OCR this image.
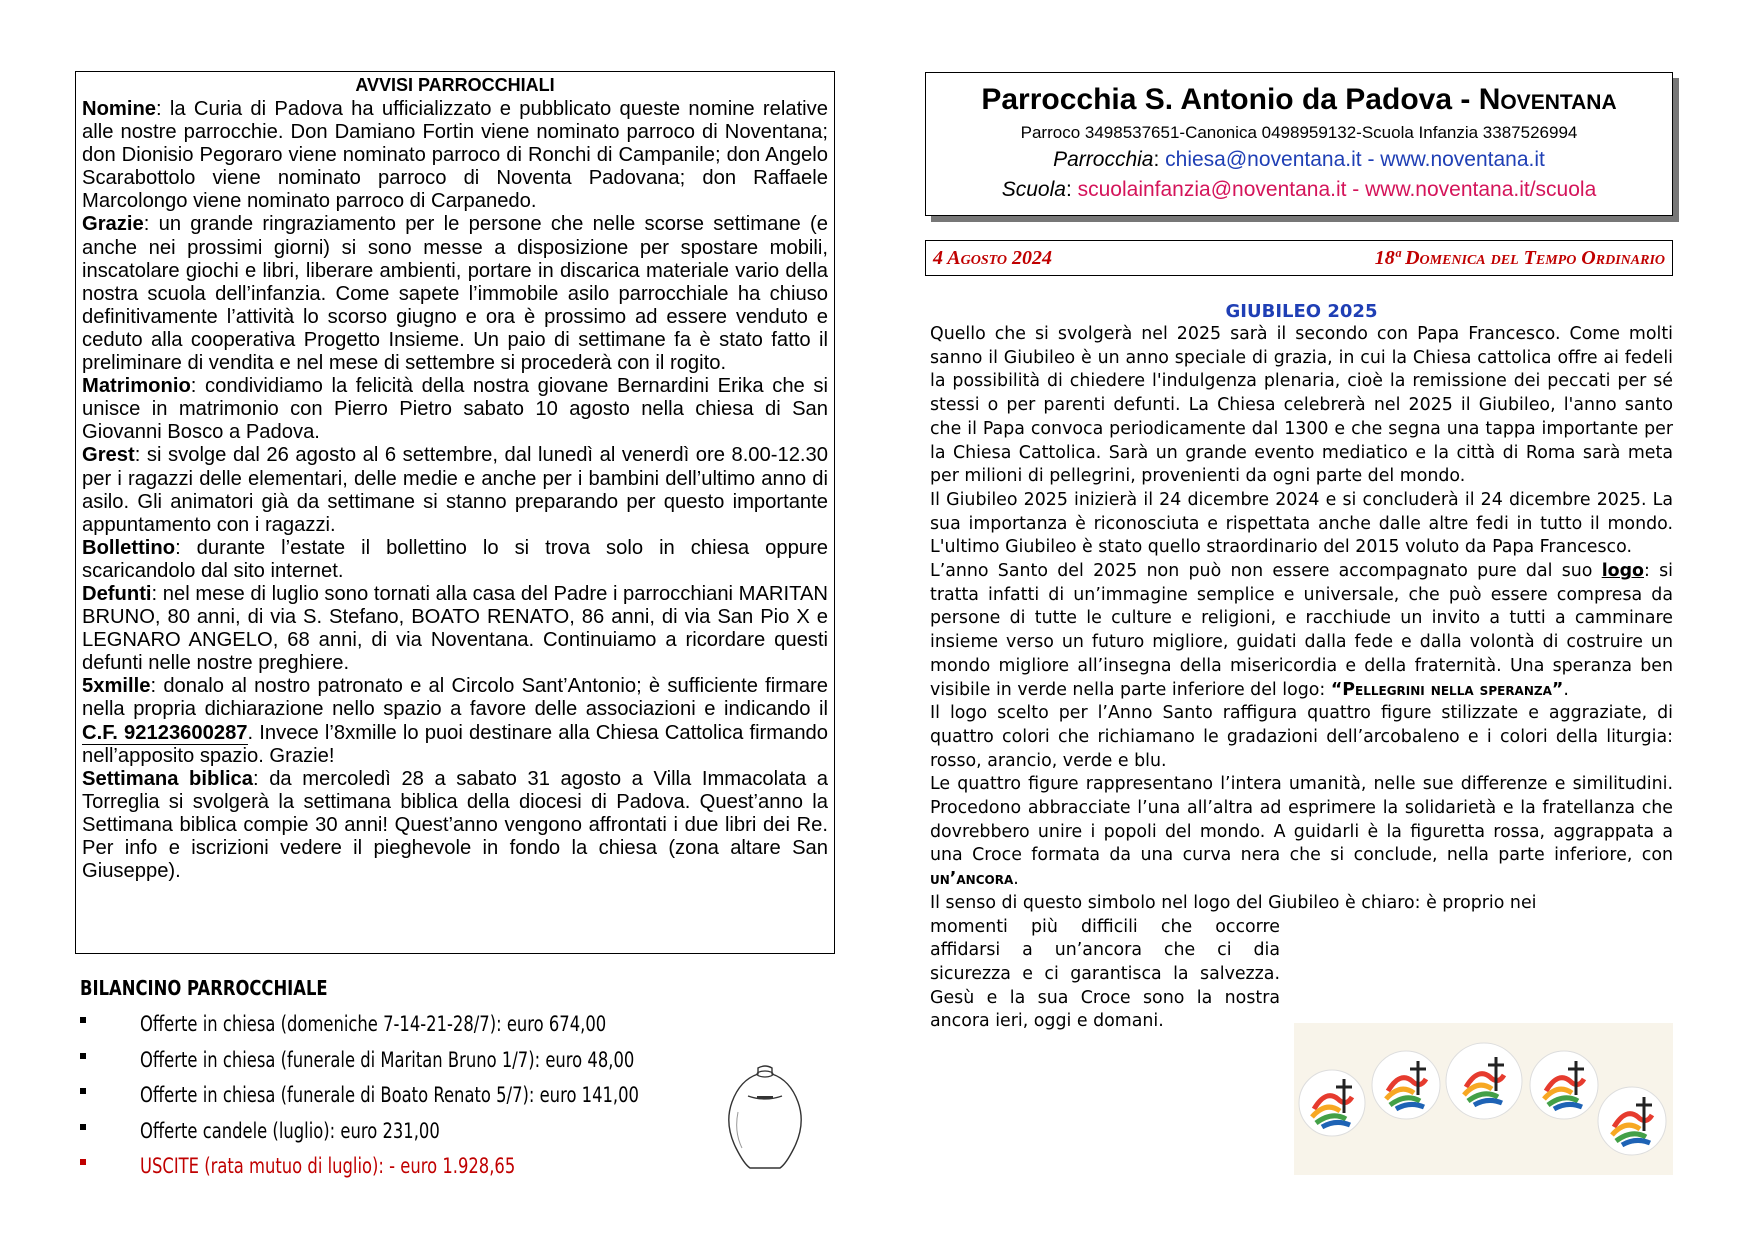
AVVISI PARROCCHIALI

Nomine: la Curia di Padova ha ufficializzato e pubblicato queste nomine relative alle nostre parrocchie. Don Damiano Fortin viene nominato parroco di Noventana; don Dionisio Pegoraro viene nominato parroco di Ronchi di Campanile; don Angelo Scarabottolo viene nominato parroco di Noventa Padovana; don Raffaele Marcolongo viene nominato parroco di Carpanedo.

Grazie: un grande ringraziamento per le persone che nelle scorse settimane (e anche nei prossimi giorni) si sono messe a disposizione per spostare mobili, inscatolare giochi e libri, liberare ambienti, portare in discarica materiale vario della nostra scuola dell’infanzia. Come sapete l’immobile asilo parrocchiale ha chiuso definitivamente l’attività lo scorso giugno e ora è prossimo ad essere venduto e ceduto alla cooperativa Progetto Insieme. Un paio di settimane fa è stato fatto il preliminare di vendita e nel mese di settembre si procederà con il rogito.

Matrimonio: condividiamo la felicità della nostra giovane Bernardini Erika che si unisce in matrimonio con Pierro Pietro sabato 10 agosto nella chiesa di San Giovanni Bosco a Padova.

Grest: si svolge dal 26 agosto al 6 settembre, dal lunedì al venerdì ore 8.00-12.30 per i ragazzi delle elementari, delle medie e anche per i bambini dell’ultimo anno di asilo. Gli animatori già da settimane si stanno preparando per questo importante appuntamento con i ragazzi.

Bollettino: durante l’estate il bollettino lo si trova solo in chiesa oppure scaricandolo dal sito internet.

Defunti: nel mese di luglio sono tornati alla casa del Padre i parrocchiani MARITAN BRUNO, 80 anni, di via S. Stefano, BOATO RENATO, 86 anni, di via San Pio X e LEGNARO ANGELO, 68 anni, di via Noventana. Continuiamo a ricordare questi defunti nelle nostre preghiere.

5xmille: donalo al nostro patronato e al Circolo Sant’Antonio; è sufficiente firmare nella propria dichiarazione nello spazio a favore delle associazioni e indicando il C.F. 92123600287. Invece l’8xmille lo puoi destinare alla Chiesa Cattolica firmando nell’apposito spazio. Grazie!

Settimana biblica: da mercoledì 28 a sabato 31 agosto a Villa Immacolata a Torreglia si svolgerà la settimana biblica della diocesi di Padova. Quest’anno la Settimana biblica compie 30 anni! Quest’anno vengono affrontati i due libri dei Re. Per info e iscrizioni vedere il pieghevole in fondo la chiesa (zona altare San Giuseppe).

BILANCINO PARROCCHIALE
Offerte in chiesa (domeniche 7-14-21-28/7): euro 674,00
Offerte in chiesa (funerale di Maritan Bruno 1/7): euro 48,00
Offerte in chiesa (funerale di Boato Renato 5/7): euro 141,00
Offerte candele (luglio): euro 231,00
USCITE (rata mutuo di luglio): - euro 1.928,65
Parrocchia S. Antonio da Padova - Noventana
Parroco 3498537651-Canonica 0498959132-Scuola Infanzia 3387526994
Parrocchia: chiesa@noventana.it - www.noventana.it
Scuola: scuolainfanzia@noventana.it - www.noventana.it/scuola
4 Agosto 2024	18ª Domenica del Tempo Ordinario
GIUBILEO 2025

Quello che si svolgerà nel 2025 sarà il secondo con Papa Francesco. Come molti sanno il Giubileo è un anno speciale di grazia, in cui la Chiesa cattolica offre ai fedeli la possibilità di chiedere l'indulgenza plenaria, cioè la remissione dei peccati per sé stessi o per parenti defunti. La Chiesa celebrerà nel 2025 il Giubileo, l'anno santo che il Papa convoca periodicamente dal 1300 e che segna una tappa importante per la Chiesa Cattolica. Sarà un grande evento mediatico e la città di Roma sarà meta per milioni di pellegrini, provenienti da ogni parte del mondo.

Il Giubileo 2025 inizierà il 24 dicembre 2024 e si concluderà il 24 dicembre 2025. La sua importanza è riconosciuta e rispettata anche dalle altre fedi in tutto il mondo. L'ultimo Giubileo è stato quello straordinario del 2015 voluto da Papa Francesco.

L’anno Santo del 2025 non può non essere accompagnato pure dal suo logo: si tratta infatti di un’immagine semplice e universale, che può essere compresa da persone di tutte le culture e religioni, e racchiude un invito a tutti a camminare insieme verso un futuro migliore, guidati dalla fede e dalla volontà di costruire un mondo migliore all’insegna della misericordia e della fraternità. Una speranza ben visibile in verde nella parte inferiore del logo: “Pellegrini nella speranza”.

Il logo scelto per l’Anno Santo raffigura quattro figure stilizzate e aggraziate, di quattro colori che richiamano le gradazioni dell’arcobaleno e i colori della liturgia: rosso, arancio, verde e blu.

Le quattro figure rappresentano l’intera umanità, nelle sue differenze e similitudini. Procedono abbracciate l’una all’altra ad esprimere la solidarietà e la fratellanza che dovrebbero unire i popoli del mondo. A guidarli è la figuretta rossa, aggrappata a una Croce formata da una curva nera che si conclude, nella parte inferiore, con un’ancora.

Il senso di questo simbolo nel logo del Giubileo è chiaro: è proprio nei

momenti più difficili che occorre affidarsi a un’ancora che ci dia sicurezza e ci garantisca la salvezza. Gesù e la sua Croce sono la nostra ancora ieri, oggi e domani.
